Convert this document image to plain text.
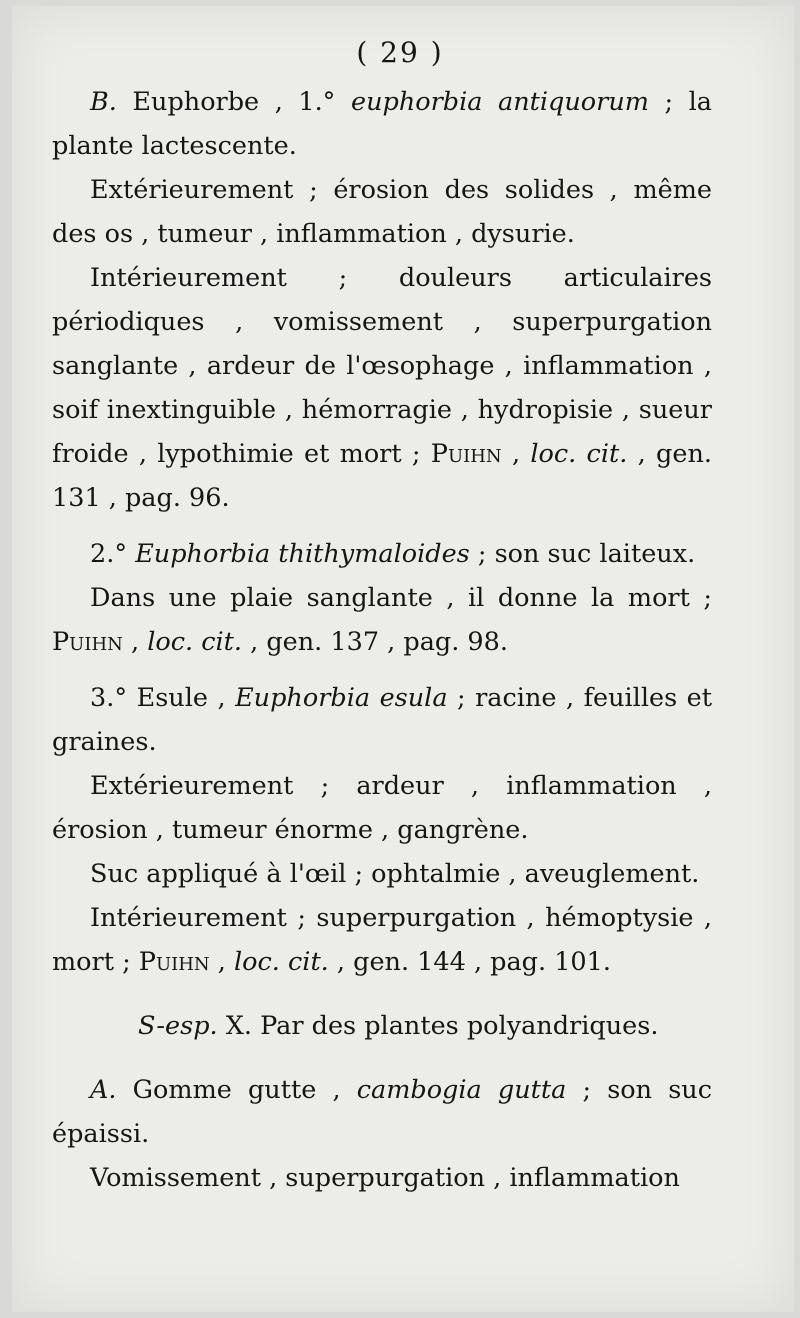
( 29 )

B. Euphorbe , 1.° euphorbia antiquorum ; la plante lactescente.

Extérieurement ; érosion des solides , même des os , tumeur , inflammation , dysurie.

Intérieurement ; douleurs articulaires périodiques , vomissement , superpurgation sanglante , ardeur de l'œsophage , inflammation , soif inextinguible , hémorragie , hydropisie , sueur froide , lypothimie et mort ; Puihn , loc. cit. , gen. 131 , pag. 96.

2.° Euphorbia thithymaloides ; son suc laiteux.

Dans une plaie sanglante , il donne la mort ; Puihn , loc. cit. , gen. 137 , pag. 98.

3.° Esule , Euphorbia esula ; racine , feuilles et graines.

Extérieurement ; ardeur , inflammation , érosion , tumeur énorme , gangrène.

Suc appliqué à l'œil ; ophtalmie , aveuglement.

Intérieurement ; superpurgation , hémoptysie , mort ; Puihn , loc. cit. , gen. 144 , pag. 101.

S-esp. X. Par des plantes polyandriques.

A. Gomme gutte , cambogia gutta ; son suc épaissi.

Vomissement , superpurgation , inflammation
